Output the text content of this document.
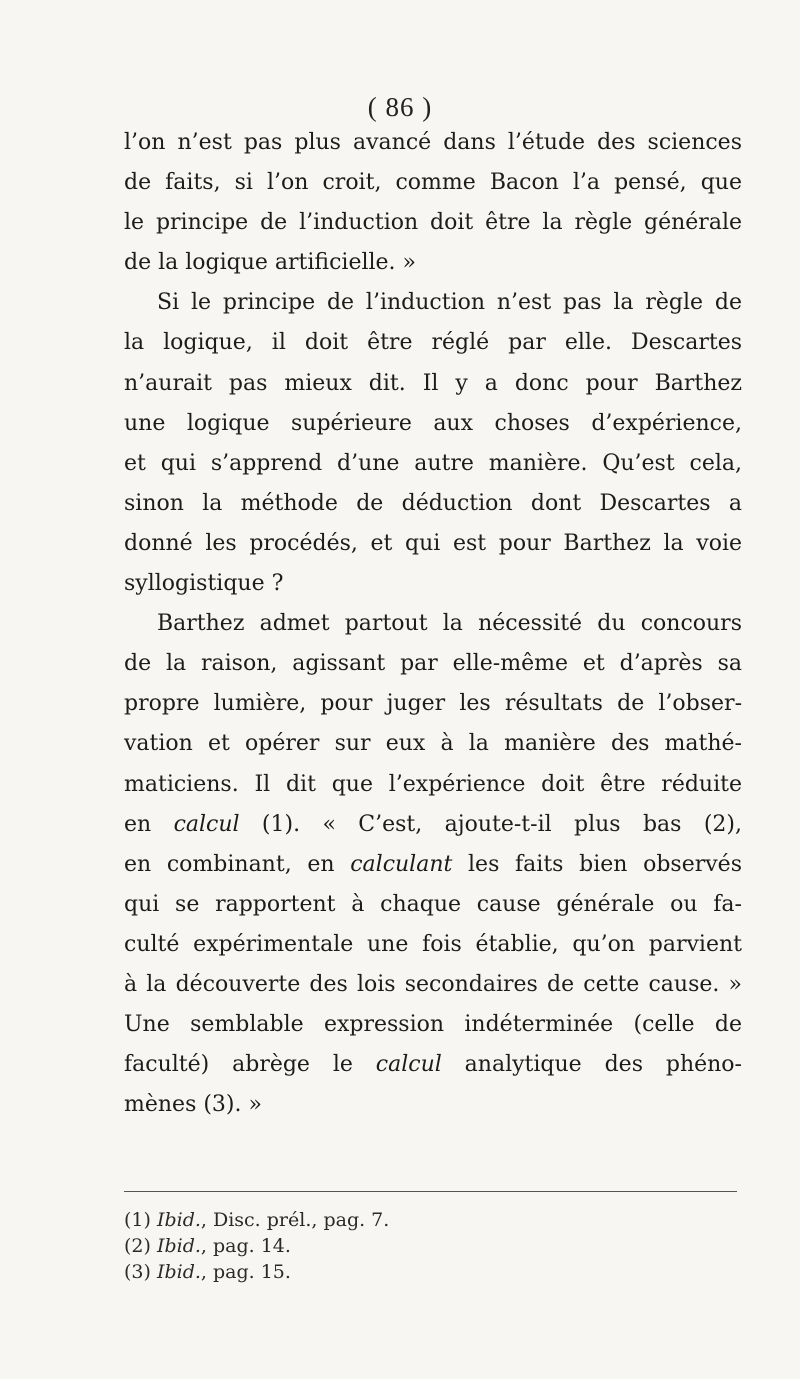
( 86 )

l’on n’est pas plus avancé dans l’étude des sciences
de faits, si l’on croit, comme Bacon l’a pensé, que
le principe de l’induction doit être la règle générale
de la logique artificielle. »

Si le principe de l’induction n’est pas la règle de
la logique, il doit être réglé par elle. Descartes
n’aurait pas mieux dit. Il y a donc pour Barthez
une logique supérieure aux choses d’expérience,
et qui s’apprend d’une autre manière. Qu’est cela,
sinon la méthode de déduction dont Descartes a
donné les procédés, et qui est pour Barthez la voie
syllogistique ?

Barthez admet partout la nécessité du concours
de la raison, agissant par elle-même et d’après sa
propre lumière, pour juger les résultats de l’obser-
vation et opérer sur eux à la manière des mathé-
maticiens. Il dit que l’expérience doit être réduite
en calcul (1). « C’est, ajoute-t-il plus bas (2),
en combinant, en calculant les faits bien observés
qui se rapportent à chaque cause générale ou fa-
culté expérimentale une fois établie, qu’on parvient
à la découverte des lois secondaires de cette cause. »
Une semblable expression indéterminée (celle de
faculté) abrège le calcul analytique des phéno-
mènes (3). »

(1) Ibid., Disc. prél., pag. 7.
(2) Ibid., pag. 14.
(3) Ibid., pag. 15.
